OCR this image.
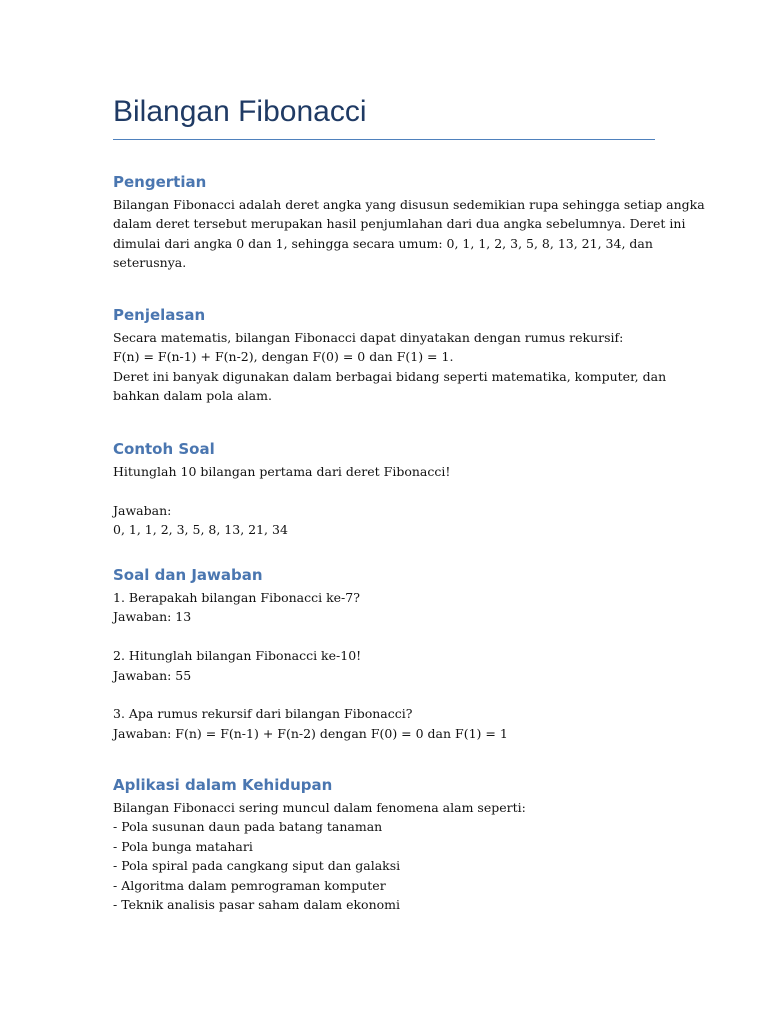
Bilangan Fibonacci
Pengertian
Bilangan Fibonacci adalah deret angka yang disusun sedemikian rupa sehingga setiap angka
dalam deret tersebut merupakan hasil penjumlahan dari dua angka sebelumnya. Deret ini
dimulai dari angka 0 dan 1, sehingga secara umum: 0, 1, 1, 2, 3, 5, 8, 13, 21, 34, dan
seterusnya.
Penjelasan
Secara matematis, bilangan Fibonacci dapat dinyatakan dengan rumus rekursif:
F(n) = F(n-1) + F(n-2), dengan F(0) = 0 dan F(1) = 1.
Deret ini banyak digunakan dalam berbagai bidang seperti matematika, komputer, dan
bahkan dalam pola alam.
Contoh Soal
Hitunglah 10 bilangan pertama dari deret Fibonacci!
Jawaban:
0, 1, 1, 2, 3, 5, 8, 13, 21, 34
Soal dan Jawaban
1. Berapakah bilangan Fibonacci ke-7?
Jawaban: 13
2. Hitunglah bilangan Fibonacci ke-10!
Jawaban: 55
3. Apa rumus rekursif dari bilangan Fibonacci?
Jawaban: F(n) = F(n-1) + F(n-2) dengan F(0) = 0 dan F(1) = 1
Aplikasi dalam Kehidupan
Bilangan Fibonacci sering muncul dalam fenomena alam seperti:
- Pola susunan daun pada batang tanaman
- Pola bunga matahari
- Pola spiral pada cangkang siput dan galaksi
- Algoritma dalam pemrograman komputer
- Teknik analisis pasar saham dalam ekonomi
